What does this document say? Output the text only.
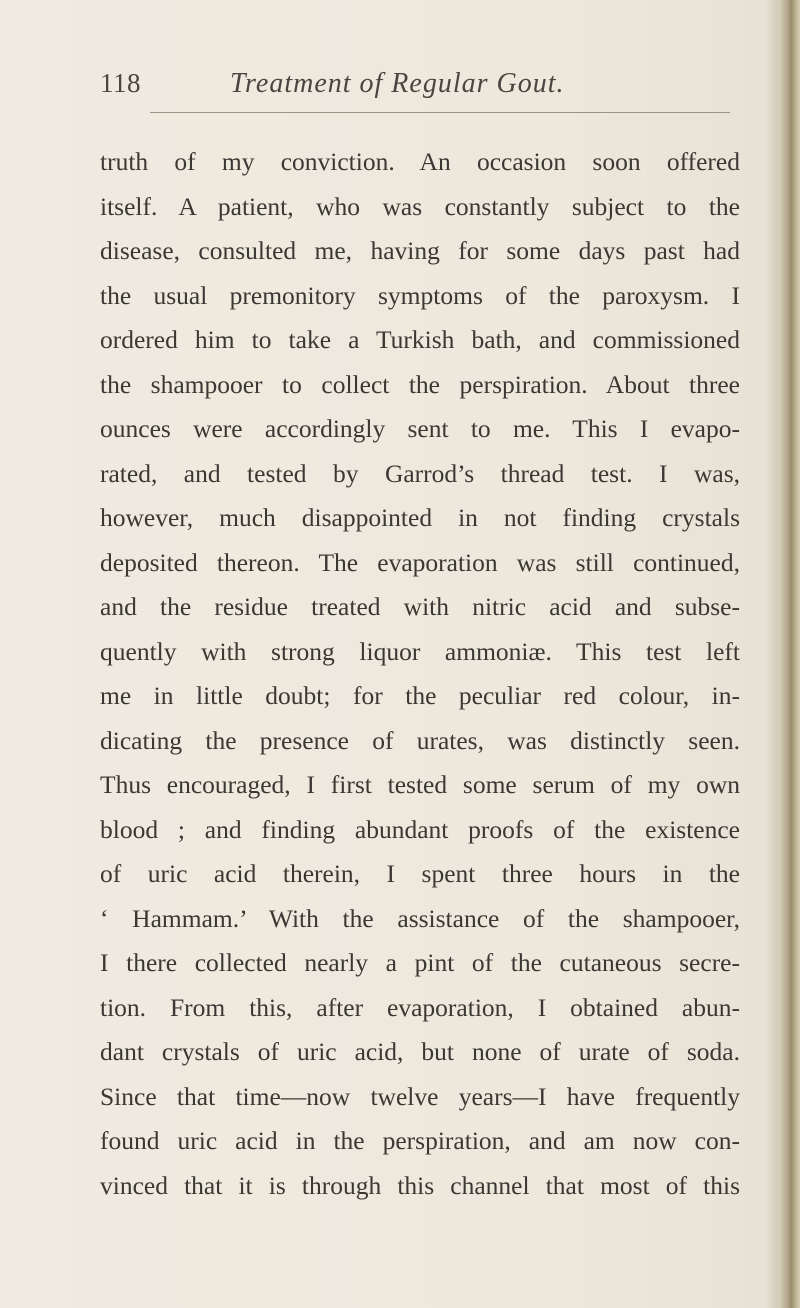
118	Treatment of Regular Gout.
truth of my conviction. An occasion soon offered
itself. A patient, who was constantly subject to the
disease, consulted me, having for some days past had
the usual premonitory symptoms of the paroxysm. I
ordered him to take a Turkish bath, and commissioned
the shampooer to collect the perspiration. About three
ounces were accordingly sent to me. This I evapo-
rated, and tested by Garrod’s thread test. I was,
however, much disappointed in not finding crystals
deposited thereon. The evaporation was still continued,
and the residue treated with nitric acid and subse-
quently with strong liquor ammoniæ. This test left
me in little doubt; for the peculiar red colour, in-
dicating the presence of urates, was distinctly seen.
Thus encouraged, I first tested some serum of my own
blood ; and finding abundant proofs of the existence
of uric acid therein, I spent three hours in the
‘ Hammam.’ With the assistance of the shampooer,
I there collected nearly a pint of the cutaneous secre-
tion. From this, after evaporation, I obtained abun-
dant crystals of uric acid, but none of urate of soda.
Since that time—now twelve years—I have frequently
found uric acid in the perspiration, and am now con-
vinced that it is through this channel that most of this
